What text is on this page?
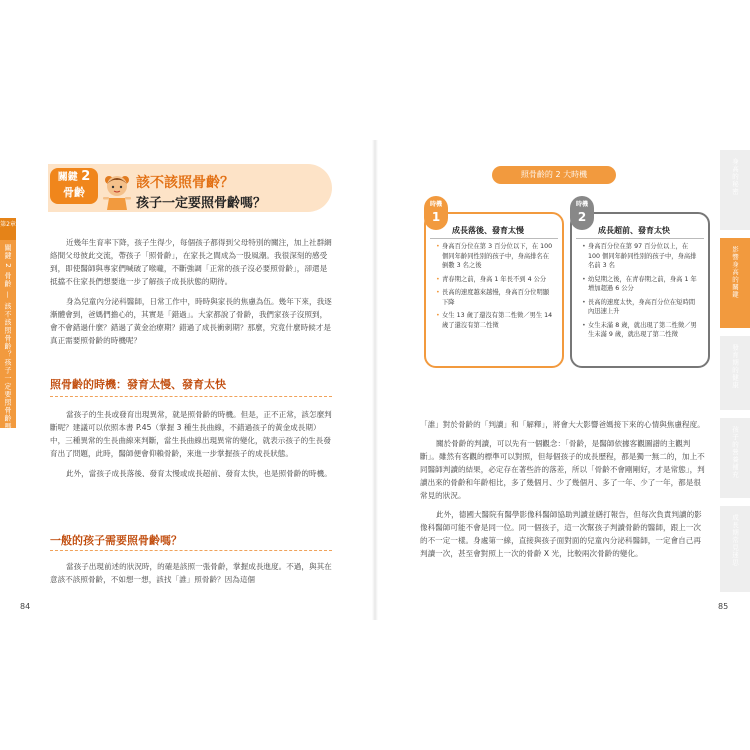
第2章
關鍵 2 骨齡 — 該不該照骨齡？孩子一定要照骨齡嗎？
關鍵 2
骨齡
該不該照骨齡？
孩子一定要照骨齡嗎？

近幾年生育率下降，孩子生得少，每個孩子都得到父母特別的關注，加上社群網絡間父母彼此交流，帶孩子「照骨齡」，在家長之間成為一股風潮。我很深刻的感受到，即使醫師與專家們喊破了喉嚨，不斷強調「正常的孩子沒必要照骨齡」，卻還是抵擋不住家長們想要進一步了解孩子成長狀態的期待。

身為兒童內分泌科醫師，日常工作中，時時與家長的焦慮為伍。幾年下來，我逐漸體會到，爸媽們擔心的，其實是「錯過」。大家都說了骨齡，我們家孩子沒照到，會不會錯過什麼？錯過了黃金治療期？錯過了成長衝刺期？那麼，究竟什麼時候才是真正需要照骨齡的時機呢？

照骨齡的時機：發育太慢、發育太快

當孩子的生長或發育出現異常，就是照骨齡的時機。但是，正不正常，該怎麼判斷呢？建議可以依照本書 P.45（掌握 3 種生長曲線，不錯過孩子的黃金成長期）中，三種異常的生長曲線來判斷，當生長曲線出現異常的變化，就表示孩子的生長發育出了問題，此時，醫師便會仰賴骨齡，來進一步掌握孩子的成長狀態。

此外，當孩子成長落後、發育太慢或成長超前、發育太快，也是照骨齡的時機。

一般的孩子需要照骨齡嗎？

當孩子出現前述的狀況時，的確是該照一張骨齡，掌握成長進度。不過，與其在意該不該照骨齡，不如想一想，該找「誰」照骨齡？因為這個

84
照骨齡的 2 大時機
時機
1
成長落後、發育太慢
• 身高百分位在第 3 百分位以下，在 100 個同年齡同性別的孩子中，身高排名在倒數 3 名之後
• 青春期之前，身高 1 年長不到 4 公分
• 長高的速度越來越慢，身高百分位明顯下降
• 女生 13 歲了還沒有第二性徵／男生 14 歲了還沒有第二性徵
時機
2
成長超前、發育太快
• 身高百分位在第 97 百分位以上，在 100 個同年齡同性別的孩子中，身高排名前 3 名
• 幼兒期之後，在青春期之前，身高 1 年增加超過 6 公分
• 長高的速度太快，身高百分位在短時間內迅速上升
• 女生未滿 8 歲，就出現了第二性徵／男生未滿 9 歲，就出現了第二性徵

「誰」對於骨齡的「判讀」和「解釋」，將會大大影響爸媽接下來的心情與焦慮程度。

關於骨齡的判讀，可以先有一個觀念：「骨齡，是醫師依據客觀圖譜的主觀判斷」。雖然有客觀的標準可以對照，但每個孩子的成長歷程，都是獨一無二的，加上不同醫師判讀的結果，必定存在著些許的落差，所以「骨齡不會剛剛好，才是常態」，判讀出來的骨齡和年齡相比，多了幾個月、少了幾個月、多了一年、少了一年，都是很常見的狀況。

此外，德國大醫院有醫學影像科醫師協助判讀並繕打報告，但每次負責判讀的影像科醫師可能不會是同一位。同一個孩子，這一次幫孩子判讀骨齡的醫師，跟上一次的不一定一樣。身處第一線，直接與孩子面對面的兒童內分泌科醫師，一定會自己再判讀一次，甚至會對照上一次的骨齡 X 光，比較兩次骨齡的變化。

85
身高的秘密
影響身高的關鍵
發育期的健康
孩子的營養補充
成長期常見迷思
